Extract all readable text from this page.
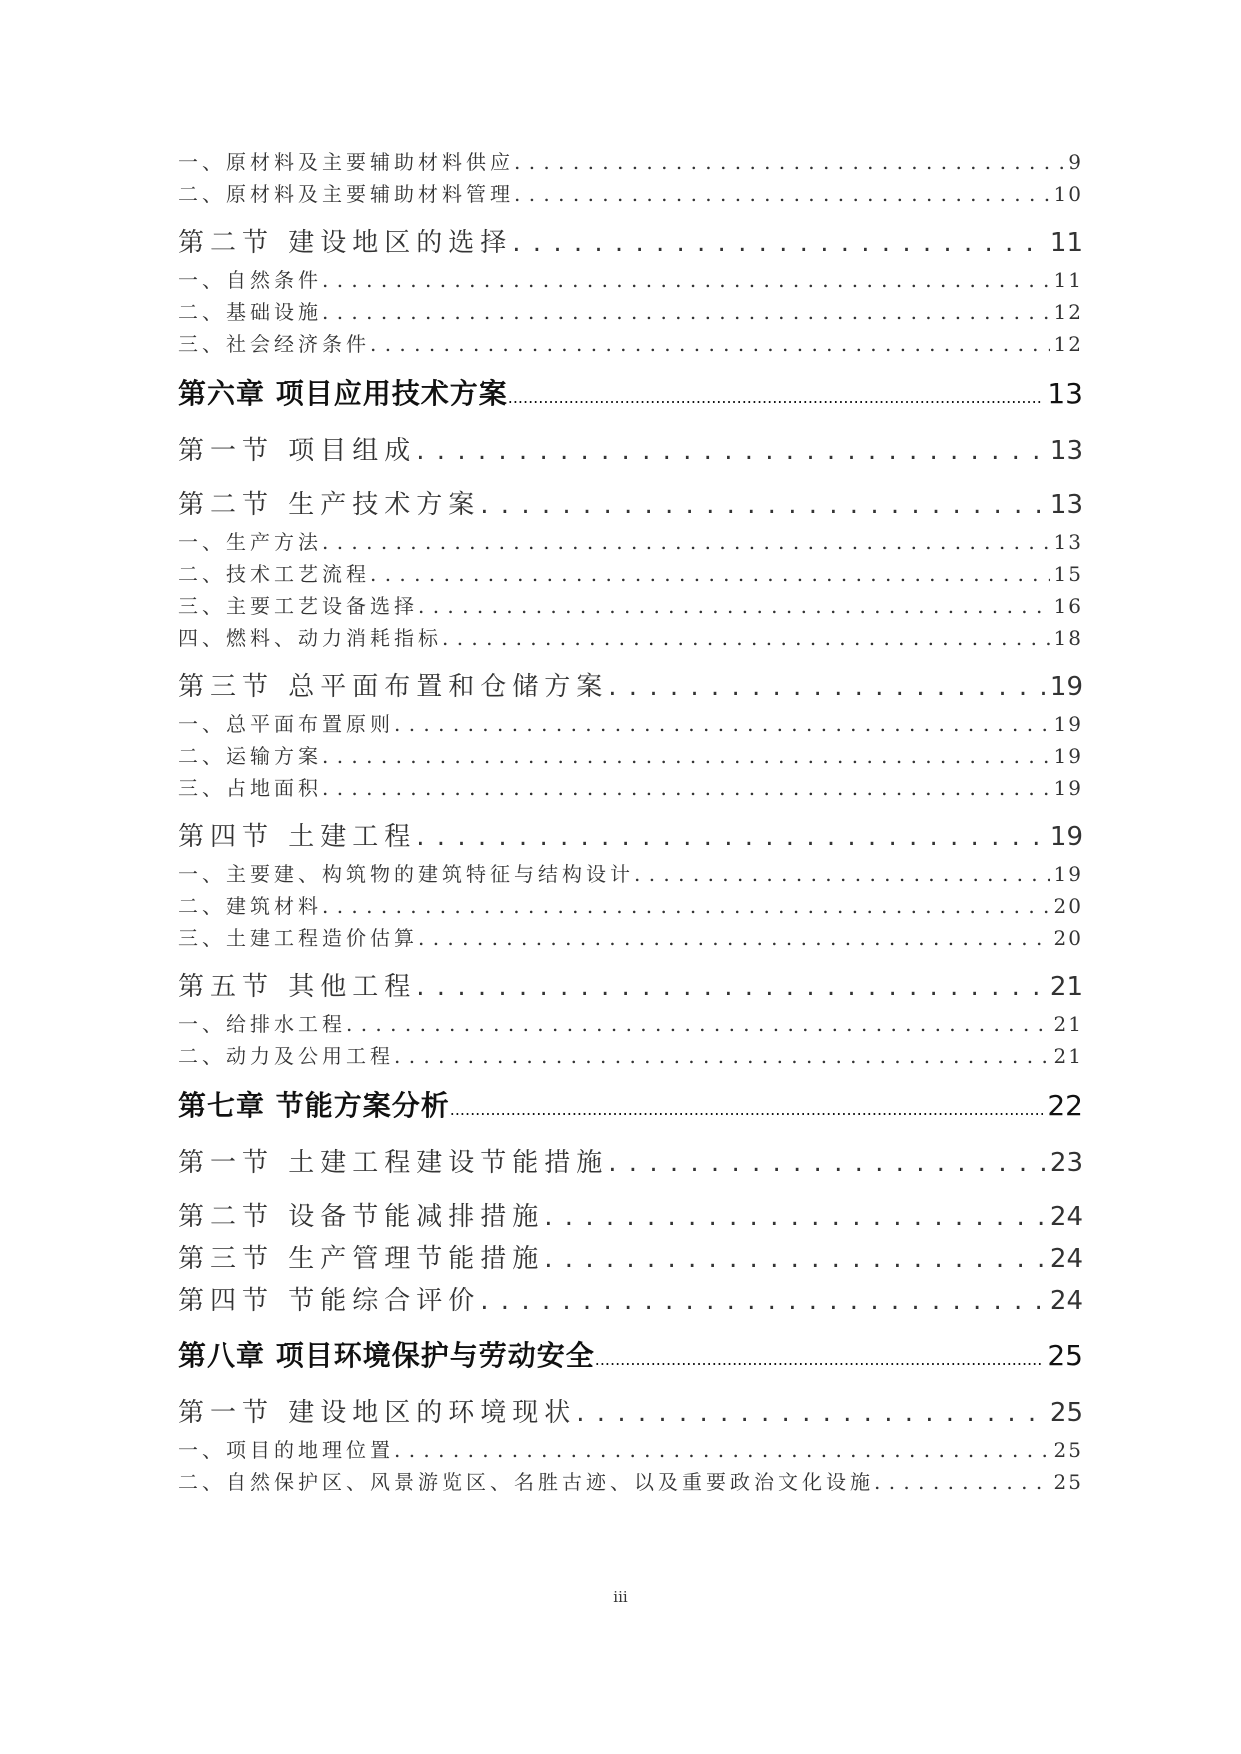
一、原材料及主要辅助材料供应 . . .	9
二、原材料及主要辅助材料管理 . . .	10
第二节 建设地区的选择 . . .	11
一、自然条件 . . .	11
二、基础设施 . . .	12
三、社会经济条件 . . .	12
第六章 项目应用技术方案 .....	13
第一节 项目组成 . . .	13
第二节 生产技术方案 . . .	13
一、生产方法 . . .	13
二、技术工艺流程 . . .	15
三、主要工艺设备选择 . . .	16
四、燃料、动力消耗指标 . . .	18
第三节 总平面布置和仓储方案 . . .	19
一、总平面布置原则 . . .	19
二、运输方案 . . .	19
三、占地面积 . . .	19
第四节 土建工程 . . .	19
一、主要建、构筑物的建筑特征与结构设计 . . .	19
二、建筑材料 . . .	20
三、土建工程造价估算 . . .	20
第五节 其他工程 . . .	21
一、给排水工程 . . .	21
二、动力及公用工程 . . .	21
第七章 节能方案分析 .....	22
第一节 土建工程建设节能措施 . . .	23
第二节 设备节能减排措施 . . .	24
第三节 生产管理节能措施 . . .	24
第四节 节能综合评价 . . .	24
第八章 项目环境保护与劳动安全 .....	25
第一节 建设地区的环境现状 . . .	25
一、项目的地理位置 . . .	25
二、自然保护区、风景游览区、名胜古迹、以及重要政治文化设施 . . .	25
iii
